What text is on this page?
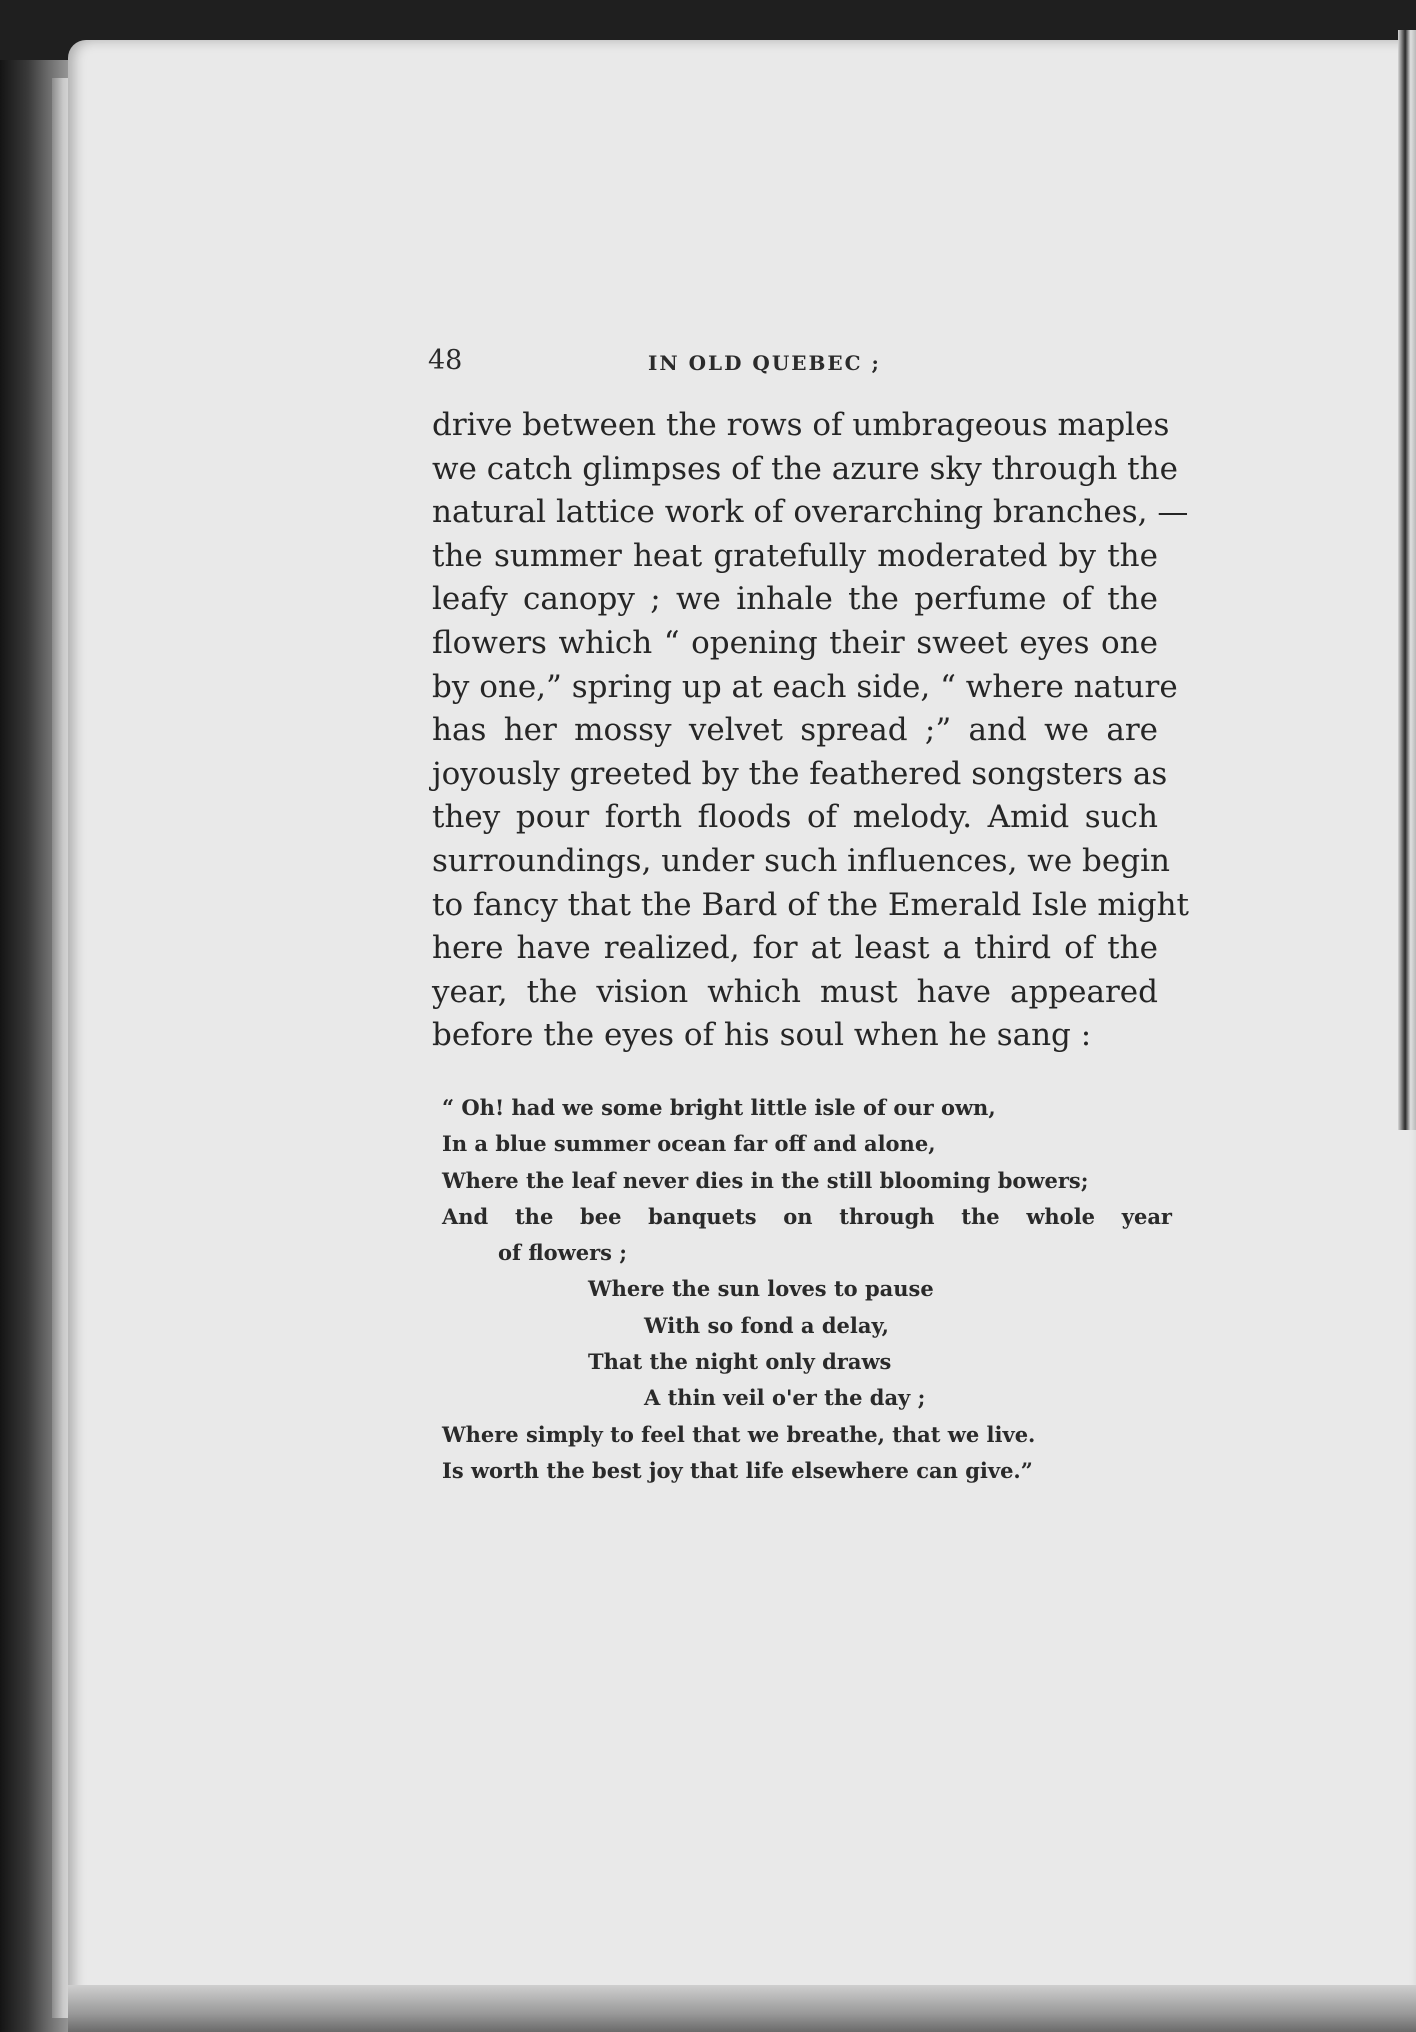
48	IN OLD QUEBEC ;
drive between the rows of umbrageous maples
we catch glimpses of the azure sky through the
natural lattice work of overarching branches, —
the summer heat gratefully moderated by the
leafy canopy ; we inhale the perfume of the
flowers which “ opening their sweet eyes one
by one,” spring up at each side, “ where nature
has her mossy velvet spread ;” and we are
joyously greeted by the feathered songsters as
they pour forth floods of melody. Amid such
surroundings, under such influences, we begin
to fancy that the Bard of the Emerald Isle might
here have realized, for at least a third of the
year, the vision which must have appeared
before the eyes of his soul when he sang :
“ Oh! had we some bright little isle of our own,
In a blue summer ocean far off and alone,
Where the leaf never dies in the still blooming bowers;
And the bee banquets on through the whole year
of flowers ;
Where the sun loves to pause
With so fond a delay,
That the night only draws
A thin veil o'er the day ;
Where simply to feel that we breathe, that we live.
Is worth the best joy that life elsewhere can give.”
